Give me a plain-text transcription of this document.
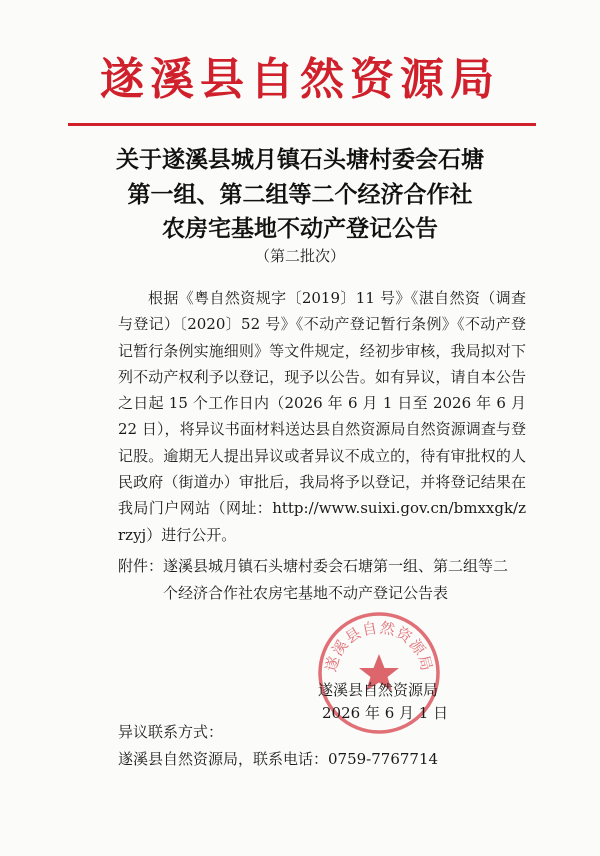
遂溪县自然资源局
关于遂溪县城月镇石头塘村委会石塘
第一组、第二组等二个经济合作社
农房宅基地不动产登记公告
（第二批次）

根据《粤自然资规字〔2019〕11 号》《湛自然资（调查与登记）〔2020〕52 号》《不动产登记暂行条例》《不动产登记暂行条例实施细则》等文件规定，经初步审核，我局拟对下列不动产权利予以登记，现予以公告。如有异议，请自本公告之日起 15 个工作日内（2026 年 6 月 1 日至 2026 年 6 月 22 日），将异议书面材料送达县自然资源局自然资源调查与登记股。逾期无人提出异议或者异议不成立的，待有审批权的人民政府（街道办）审批后，我局将予以登记，并将登记结果在我局门户网站（网址：http://www.suixi.gov.cn/bmxxgk/zrzyj）进行公开。

附件： 遂溪县城月镇石头塘村委会石塘第一组、第二组等二个经济合作社农房宅基地不动产登记公告表
遂溪县自然资源局
遂溪县自然资源局
2026 年 6 月 1 日
异议联系方式：
遂溪县自然资源局，联系电话：0759-7767714
